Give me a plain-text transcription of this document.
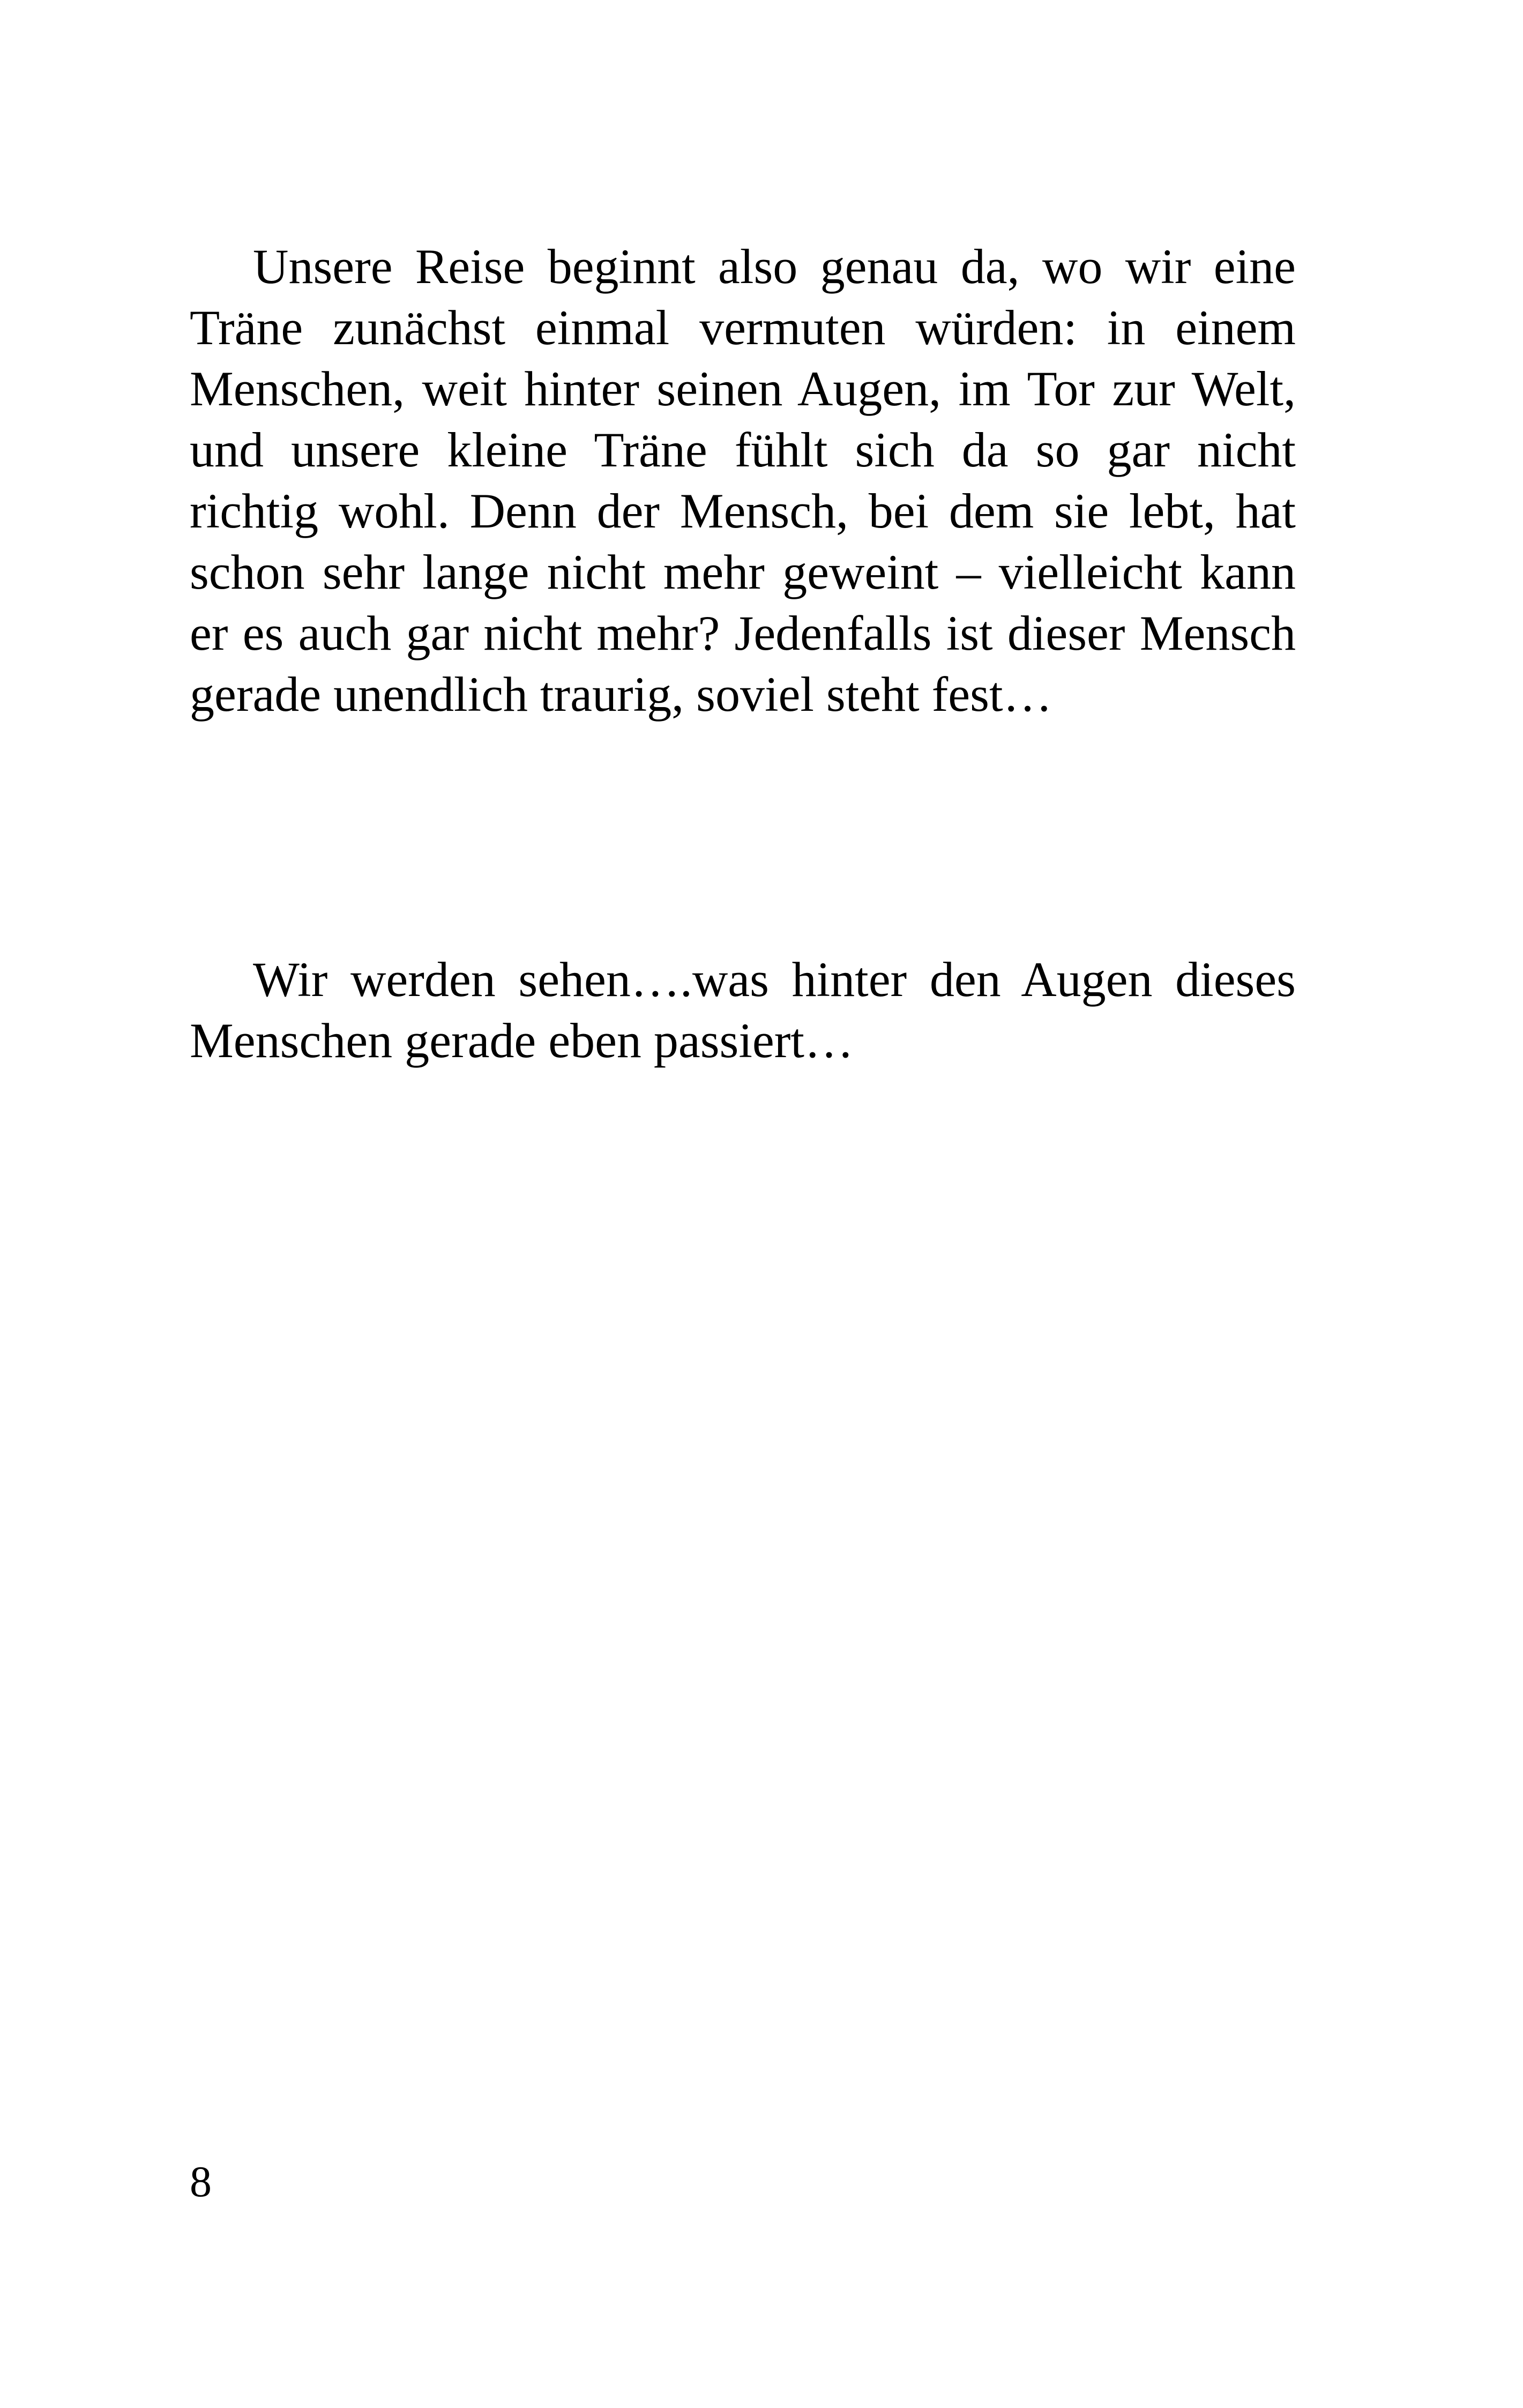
Unsere Reise beginnt also genau da, wo wir eine Träne zunächst einmal vermuten würden: in einem Menschen, weit hinter seinen Augen, im Tor zur Welt, und unsere kleine Träne fühlt sich da so gar nicht richtig wohl. Denn der Mensch, bei dem sie lebt, hat schon sehr lange nicht mehr geweint – vielleicht kann er es auch gar nicht mehr? Jedenfalls ist dieser Mensch gerade unendlich traurig, soviel steht fest…

Wir werden sehen….was hinter den Augen dieses Menschen gerade eben passiert…

8
